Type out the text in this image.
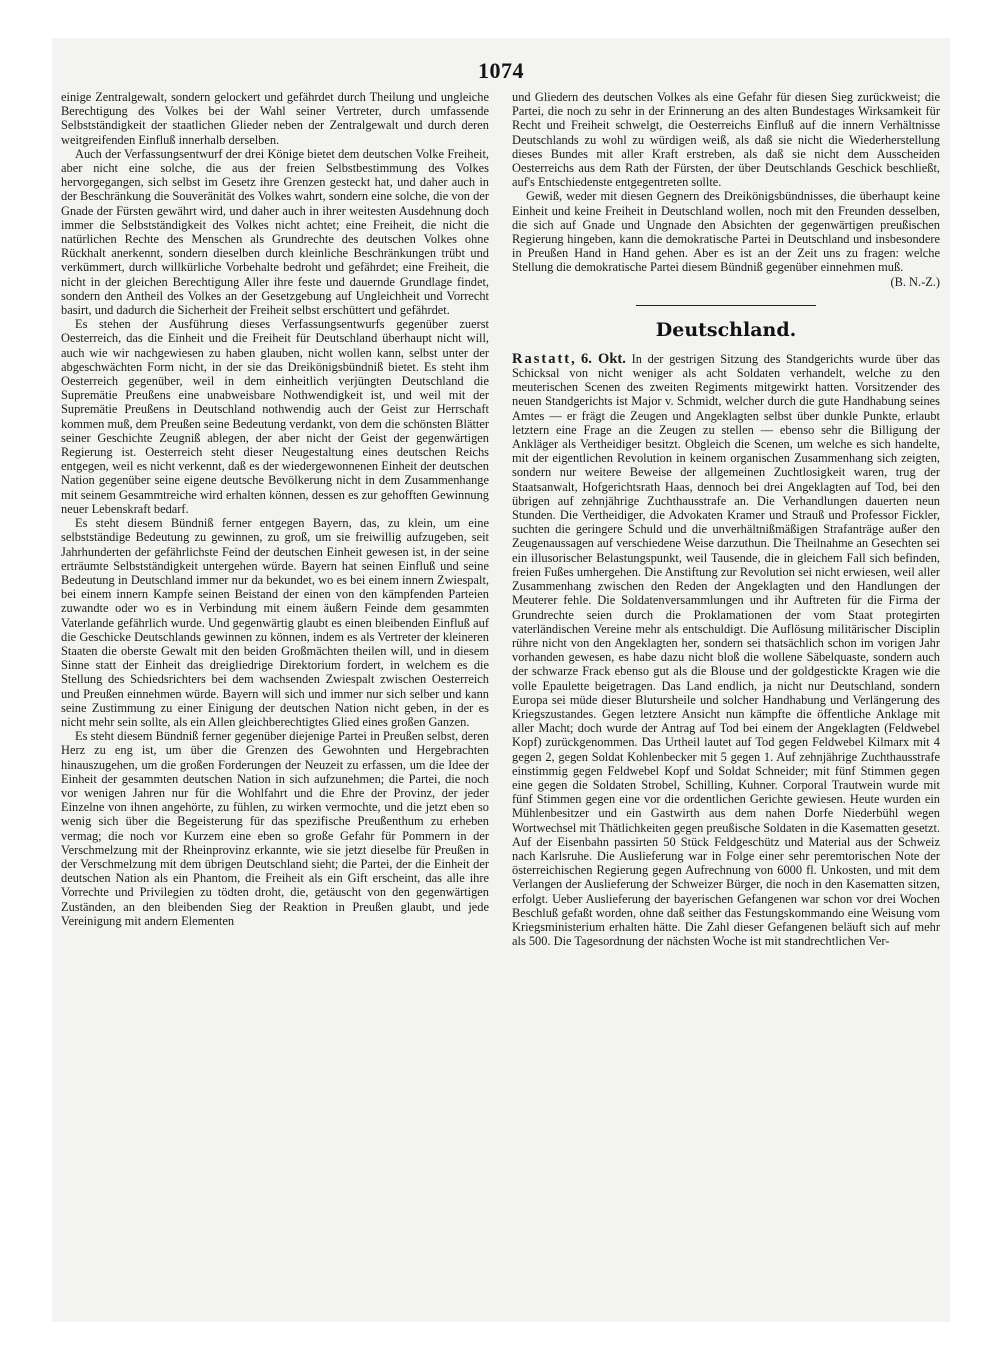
1074

einige Zentralgewalt, sondern gelockert und gefährdet durch Theilung und ungleiche Berechtigung des Volkes bei der Wahl seiner Vertreter, durch umfassende Selbstständigkeit der staatlichen Glieder neben der Zentralgewalt und durch deren weitgreifenden Einfluß innerhalb derselben.

Auch der Verfassungsentwurf der drei Könige bietet dem deutschen Volke Freiheit, aber nicht eine solche, die aus der freien Selbstbestimmung des Volkes hervorgegangen, sich selbst im Gesetz ihre Grenzen gesteckt hat, und daher auch in der Beschränkung die Souveränität des Volkes wahrt, sondern eine solche, die von der Gnade der Fürsten gewährt wird, und daher auch in ihrer weitesten Ausdehnung doch immer die Selbstständigkeit des Volkes nicht achtet; eine Freiheit, die nicht die natürlichen Rechte des Menschen als Grundrechte des deutschen Volkes ohne Rückhalt anerkennt, sondern dieselben durch kleinliche Beschränkungen trübt und verkümmert, durch willkürliche Vorbehalte bedroht und gefährdet; eine Freiheit, die nicht in der gleichen Berechtigung Aller ihre feste und dauernde Grundlage findet, sondern den Antheil des Volkes an der Gesetzgebung auf Ungleichheit und Vorrecht basirt, und dadurch die Sicherheit der Freiheit selbst erschüttert und gefährdet.

Es stehen der Ausführung dieses Verfassungsentwurfs gegenüber zuerst Oesterreich, das die Einheit und die Freiheit für Deutschland überhaupt nicht will, auch wie wir nachgewiesen zu haben glauben, nicht wollen kann, selbst unter der abgeschwächten Form nicht, in der sie das Dreikönigsbündniß bietet. Es steht ihm Oesterreich gegenüber, weil in dem einheitlich verjüngten Deutschland die Supremätie Preußens eine unabweisbare Nothwendigkeit ist, und weil mit der Supremätie Preußens in Deutschland nothwendig auch der Geist zur Herrschaft kommen muß, dem Preußen seine Bedeutung verdankt, von dem die schönsten Blätter seiner Geschichte Zeugniß ablegen, der aber nicht der Geist der gegenwärtigen Regierung ist. Oesterreich steht dieser Neugestaltung eines deutschen Reichs entgegen, weil es nicht verkennt, daß es der wiedergewonnenen Einheit der deutschen Nation gegenüber seine eigene deutsche Bevölkerung nicht in dem Zusammenhange mit seinem Gesammtreiche wird erhalten können, dessen es zur gehofften Gewinnung neuer Lebenskraft bedarf.

Es steht diesem Bündniß ferner entgegen Bayern, das, zu klein, um eine selbstständige Bedeutung zu gewinnen, zu groß, um sie freiwillig aufzugeben, seit Jahrhunderten der gefährlichste Feind der deutschen Einheit gewesen ist, in der seine erträumte Selbstständigkeit untergehen würde. Bayern hat seinen Einfluß und seine Bedeutung in Deutschland immer nur da bekundet, wo es bei einem innern Zwiespalt, bei einem innern Kampfe seinen Beistand der einen von den kämpfenden Parteien zuwandte oder wo es in Verbindung mit einem äußern Feinde dem gesammten Vaterlande gefährlich wurde. Und gegenwärtig glaubt es einen bleibenden Einfluß auf die Geschicke Deutschlands gewinnen zu können, indem es als Vertreter der kleineren Staaten die oberste Gewalt mit den beiden Großmächten theilen will, und in diesem Sinne statt der Einheit das dreigliedrige Direktorium fordert, in welchem es die Stellung des Schiedsrichters bei dem wachsenden Zwiespalt zwischen Oesterreich und Preußen einnehmen würde. Bayern will sich und immer nur sich selber und kann seine Zustimmung zu einer Einigung der deutschen Nation nicht geben, in der es nicht mehr sein sollte, als ein Allen gleichberechtigtes Glied eines großen Ganzen.

Es steht diesem Bündniß ferner gegenüber diejenige Partei in Preußen selbst, deren Herz zu eng ist, um über die Grenzen des Gewohnten und Hergebrachten hinauszugehen, um die großen Forderungen der Neuzeit zu erfassen, um die Idee der Einheit der gesammten deutschen Nation in sich aufzunehmen; die Partei, die noch vor wenigen Jahren nur für die Wohlfahrt und die Ehre der Provinz, der jeder Einzelne von ihnen angehörte, zu fühlen, zu wirken vermochte, und die jetzt eben so wenig sich über die Begeisterung für das spezifische Preußenthum zu erheben vermag; die noch vor Kurzem eine eben so große Gefahr für Pommern in der Verschmelzung mit der Rheinprovinz erkannte, wie sie jetzt dieselbe für Preußen in der Verschmelzung mit dem übrigen Deutschland sieht; die Partei, der die Einheit der deutschen Nation als ein Phantom, die Freiheit als ein Gift erscheint, das alle ihre Vorrechte und Privilegien zu tödten droht, die, getäuscht von den gegenwärtigen Zuständen, an den bleibenden Sieg der Reaktion in Preußen glaubt, und jede Vereinigung mit andern Elementen

und Gliedern des deutschen Volkes als eine Gefahr für diesen Sieg zurückweist; die Partei, die noch zu sehr in der Erinnerung an des alten Bundestages Wirksamkeit für Recht und Freiheit schwelgt, die Oesterreichs Einfluß auf die innern Verhältnisse Deutschlands zu wohl zu würdigen weiß, als daß sie nicht die Wiederherstellung dieses Bundes mit aller Kraft erstreben, als daß sie nicht dem Ausscheiden Oesterreichs aus dem Rath der Fürsten, der über Deutschlands Geschick beschließt, auf's Entschiedenste entgegentreten sollte.

Gewiß, weder mit diesen Gegnern des Dreikönigsbündnisses, die überhaupt keine Einheit und keine Freiheit in Deutschland wollen, noch mit den Freunden desselben, die sich auf Gnade und Ungnade den Absichten der gegenwärtigen preußischen Regierung hingeben, kann die demokratische Partei in Deutschland und insbesondere in Preußen Hand in Hand gehen. Aber es ist an der Zeit uns zu fragen: welche Stellung die demokratische Partei diesem Bündniß gegenüber einnehmen muß.

(B. N.-Z.)
Deutschland.

Rastatt, 6. Okt. In der gestrigen Sitzung des Standgerichts wurde über das Schicksal von nicht weniger als acht Soldaten verhandelt, welche zu den meuterischen Scenen des zweiten Regiments mitgewirkt hatten. Vorsitzender des neuen Standgerichts ist Major v. Schmidt, welcher durch die gute Handhabung seines Amtes — er frägt die Zeugen und Angeklagten selbst über dunkle Punkte, erlaubt letztern eine Frage an die Zeugen zu stellen — ebenso sehr die Billigung der Ankläger als Vertheidiger besitzt. Obgleich die Scenen, um welche es sich handelte, mit der eigentlichen Revolution in keinem organischen Zusammenhang sich zeigten, sondern nur weitere Beweise der allgemeinen Zuchtlosigkeit waren, trug der Staatsanwalt, Hofgerichtsrath Haas, dennoch bei drei Angeklagten auf Tod, bei den übrigen auf zehnjährige Zuchthausstrafe an. Die Verhandlungen dauerten neun Stunden. Die Vertheidiger, die Advokaten Kramer und Strauß und Professor Fickler, suchten die geringere Schuld und die unverhältnißmäßigen Strafanträge außer den Zeugenaussagen auf verschiedene Weise darzuthun. Die Theilnahme an Gesechten sei ein illusorischer Belastungspunkt, weil Tausende, die in gleichem Fall sich befinden, freien Fußes umhergehen. Die Anstiftung zur Revolution sei nicht erwiesen, weil aller Zusammenhang zwischen den Reden der Angeklagten und den Handlungen der Meuterer fehle. Die Soldatenversammlungen und ihr Auftreten für die Firma der Grundrechte seien durch die Proklamationen der vom Staat protegirten vaterländischen Vereine mehr als entschuldigt. Die Auflösung militärischer Disciplin rühre nicht von den Angeklagten her, sondern sei thatsächlich schon im vorigen Jahr vorhanden gewesen, es habe dazu nicht bloß die wollene Säbelquaste, sondern auch der schwarze Frack ebenso gut als die Blouse und der goldgestickte Kragen wie die volle Epaulette beigetragen. Das Land endlich, ja nicht nur Deutschland, sondern Europa sei müde dieser Blutursheile und solcher Handhabung und Verlängerung des Kriegszustandes. Gegen letztere Ansicht nun kämpfte die öffentliche Anklage mit aller Macht; doch wurde der Antrag auf Tod bei einem der Angeklagten (Feldwebel Kopf) zurückgenommen. Das Urtheil lautet auf Tod gegen Feldwebel Kilmarx mit 4 gegen 2, gegen Soldat Kohlenbecker mit 5 gegen 1. Auf zehnjährige Zuchthausstrafe einstimmig gegen Feldwebel Kopf und Soldat Schneider; mit fünf Stimmen gegen eine gegen die Soldaten Strobel, Schilling, Kuhner. Corporal Trautwein wurde mit fünf Stimmen gegen eine vor die ordentlichen Gerichte gewiesen. Heute wurden ein Mühlenbesitzer und ein Gastwirth aus dem nahen Dorfe Niederbühl wegen Wortwechsel mit Thätlichkeiten gegen preußische Soldaten in die Kasematten gesetzt. Auf der Eisenbahn passirten 50 Stück Feldgeschütz und Material aus der Schweiz nach Karlsruhe. Die Auslieferung war in Folge einer sehr peremtorischen Note der österreichischen Regierung gegen Aufrechnung von 6000 fl. Unkosten, und mit dem Verlangen der Auslieferung der Schweizer Bürger, die noch in den Kasematten sitzen, erfolgt. Ueber Auslieferung der bayerischen Gefangenen war schon vor drei Wochen Beschluß gefaßt worden, ohne daß seither das Festungskommando eine Weisung vom Kriegsministerium erhalten hätte. Die Zahl dieser Gefangenen beläuft sich auf mehr als 500. Die Tagesordnung der nächsten Woche ist mit standrechtlichen Ver-
